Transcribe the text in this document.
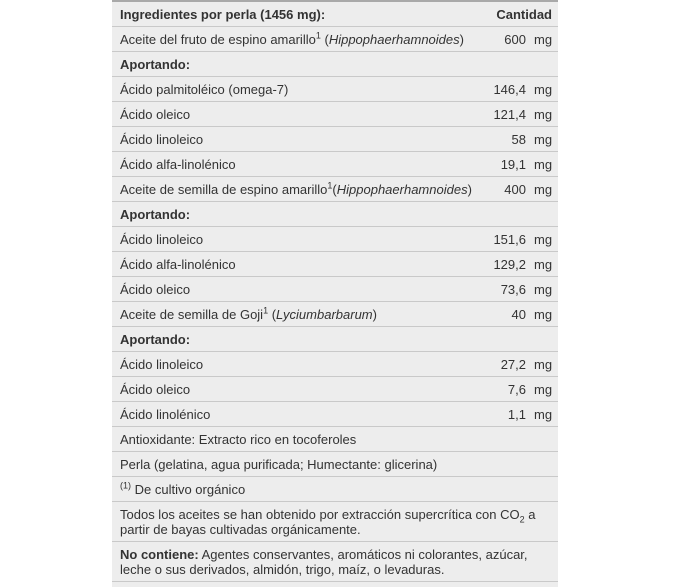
Ingredientes por perla (1456 mg):	Cantidad
Aceite del fruto de espino amarillo$^1$ (Hippophaerhamnoides)	600 mg
Aportando:
Ácido palmitoléico (omega-7)	146,4 mg
Ácido oleico	121,4 mg
Ácido linoleico	58 mg
Ácido alfa-linolénico	19,1 mg
Aceite de semilla de espino amarillo$^1$(Hippophaerhamnoides)	400 mg
Aportando:
Ácido linoleico	151,6 mg
Ácido alfa-linolénico	129,2 mg
Ácido oleico	73,6 mg
Aceite de semilla de Goji$^1$ (Lyciumbarbarum)	40 mg
Aportando:
Ácido linoleico	27,2 mg
Ácido oleico	7,6 mg
Ácido linolénico	1,1 mg
Antioxidante: Extracto rico en tocoferoles
Perla (gelatina, agua purificada; Humectante: glicerina)
$^{(1)}$ De cultivo orgánico
Todos los aceites se han obtenido por extracción supercrítica con $CO_2$ a partir de bayas cultivadas orgánicamente.
No contiene: Agentes conservantes, aromáticos ni colorantes, azúcar, leche o sus derivados, almidón, trigo, maíz, o levaduras.
